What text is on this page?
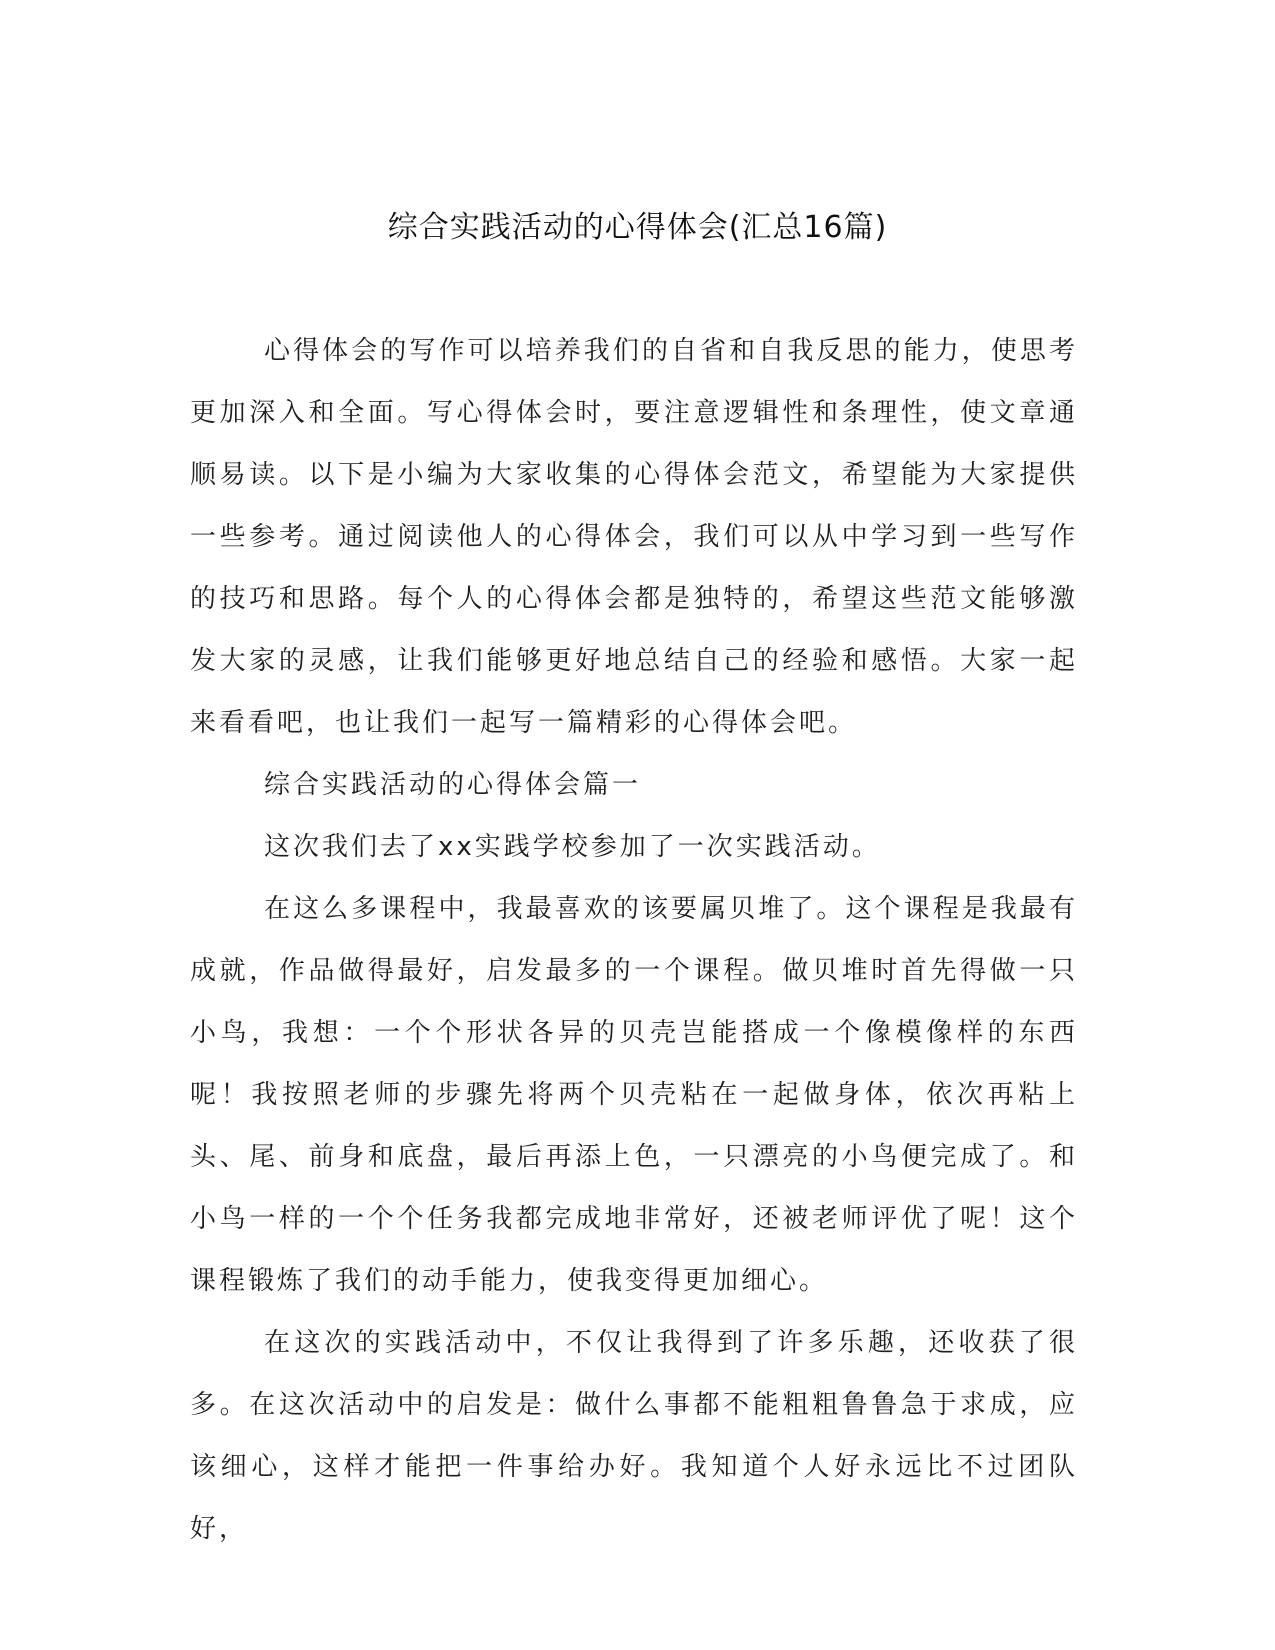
综合实践活动的心得体会(汇总16篇)

心得体会的写作可以培养我们的自省和自我反思的能力，使思考更加深入和全面。写心得体会时，要注意逻辑性和条理性，使文章通顺易读。以下是小编为大家收集的心得体会范文，希望能为大家提供一些参考。通过阅读他人的心得体会，我们可以从中学习到一些写作的技巧和思路。每个人的心得体会都是独特的，希望这些范文能够激发大家的灵感，让我们能够更好地总结自己的经验和感悟。大家一起来看看吧，也让我们一起写一篇精彩的心得体会吧。

综合实践活动的心得体会篇一

这次我们去了xx实践学校参加了一次实践活动。

在这么多课程中，我最喜欢的该要属贝堆了。这个课程是我最有成就，作品做得最好，启发最多的一个课程。做贝堆时首先得做一只小鸟，我想：一个个形状各异的贝壳岂能搭成一个像模像样的东西呢！我按照老师的步骤先将两个贝壳粘在一起做身体，依次再粘上头、尾、前身和底盘，最后再添上色，一只漂亮的小鸟便完成了。和小鸟一样的一个个任务我都完成地非常好，还被老师评优了呢！这个课程锻炼了我们的动手能力，使我变得更加细心。

在这次的实践活动中，不仅让我得到了许多乐趣，还收获了很多。在这次活动中的启发是：做什么事都不能粗粗鲁鲁急于求成，应该细心，这样才能把一件事给办好。我知道个人好永远比不过团队好，
